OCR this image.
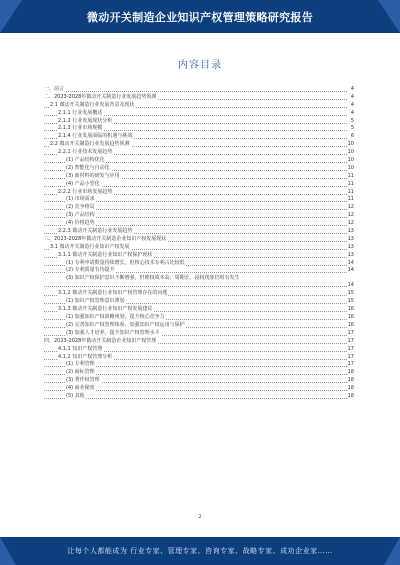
微动开关制造企业知识产权管理策略研究报告
内容目录
一、前言	4
二、2023-2028年微动开关制造行业发展趋势预测	4
2.1 微动开关制造行业发展背景及现状	4
2.1.1 行业发展概述	4
2.1.2 行业发展现状分析	5
2.1.3 行业市场规模	5
2.1.4 行业发展面临的机遇与挑战	6
2.2 微动开关制造行业发展趋势预测	10
2.2.1 行业技术发展趋势	10
(1) 产品结构优化	10
(2) 智能化与自动化	10
(3) 新材料的研发与应用	11
(4) 产品小型化	11
2.2.2 行业市场发展趋势	11
(1) 市场需求	11
(2) 竞争格局	12
(3) 产品结构	12
(4) 价格趋势	12
2.2.3 微动开关制造行业发展趋势	13
三、2023-2028年微动开关制造企业知识产权发展现状	13
3.1 微动开关制造行业知识产权发展	13
3.1.1 微动开关制造行业知识产权保护现状	13
(1) 专利申请数量持续增长，但核心技术专利占比较低	14
(2) 专利质量有待提升	14
(3) 知识产权保护意识不断增强，但维权成本高、周期长，侵权现象仍时有发生
14
3.1.2 微动开关制造行业知识产权管理存在的问题	15
(1) 知识产权管理意识薄弱	15
3.1.3 微动开关制造行业知识产权发展建议	16
(1) 加强知识产权战略规划，提升核心竞争力	16
(2) 完善知识产权管理体系，加强知识产权运用与保护	16
(3) 加强人才培养，提升知识产权管理水平	17
四、2023-2028年微动开关制造企业知识产权管理	17
4.1.1 知识产权管理	17
4.1.2 知识产权管理分析	17
(1) 专利管理	17
(2) 商标管理	18
(3) 著作权管理	18
(4) 商业秘密	18
(5) 其他	18
2
让每个人都能成为 行业专家、管理专家、咨询专家、战略专家、成功企业家……
